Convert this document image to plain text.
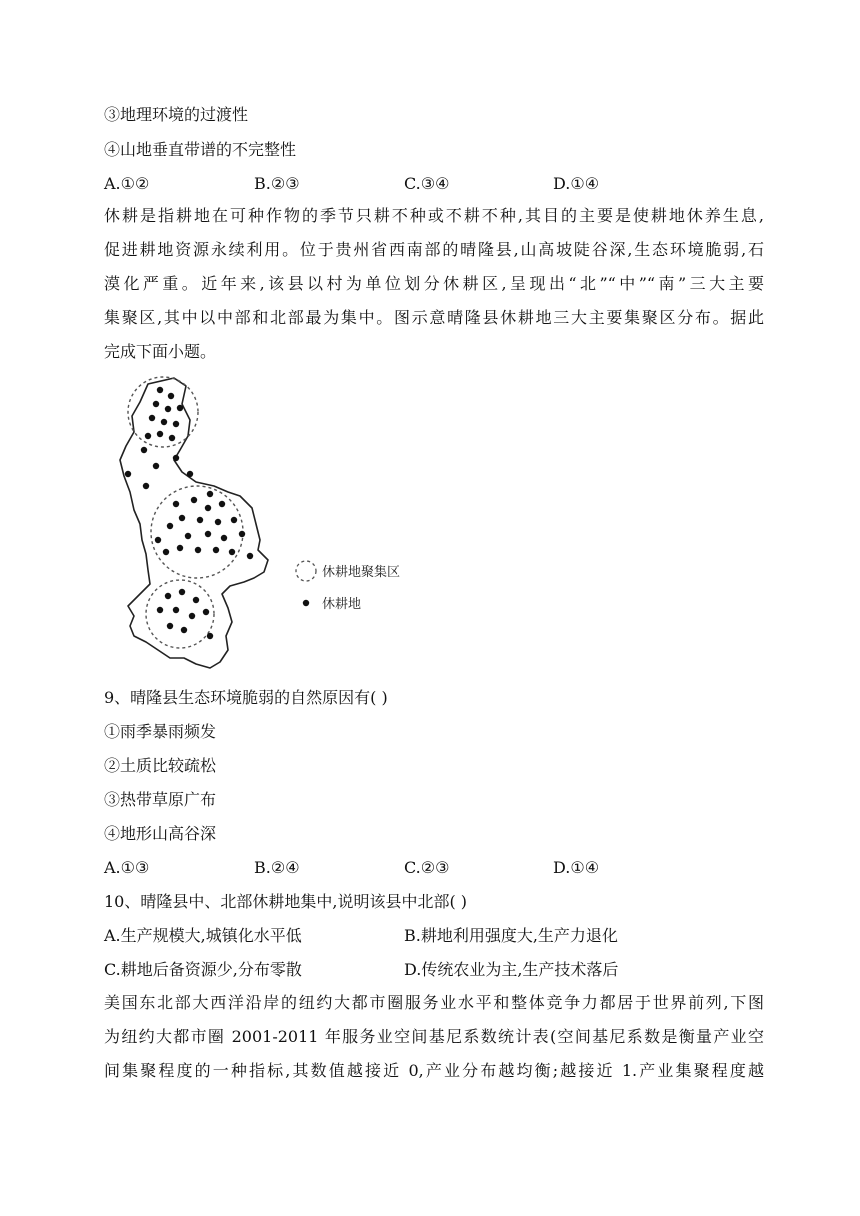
③地理环境的过渡性
④山地垂直带谱的不完整性
A.①②	B.②③	C.③④	D.①④
休耕是指耕地在可种作物的季节只耕不种或不耕不种,其目的主要是使耕地休养生息,
促进耕地资源永续利用。位于贵州省西南部的晴隆县,山高坡陡谷深,生态环境脆弱,石
漠化严重。近年来,该县以村为单位划分休耕区,呈现出“北”“中”“南”三大主要
集聚区,其中以中部和北部最为集中。图示意晴隆县休耕地三大主要集聚区分布。据此
完成下面小题。
休耕地聚集区
休耕地
9、晴隆县生态环境脆弱的自然原因有( )
①雨季暴雨频发
②土质比较疏松
③热带草原广布
④地形山高谷深
A.①③	B.②④	C.②③	D.①④
10、晴隆县中、北部休耕地集中,说明该县中北部( )
A.生产规模大,城镇化水平低	B.耕地利用强度大,生产力退化
C.耕地后备资源少,分布零散	D.传统农业为主,生产技术落后
美国东北部大西洋沿岸的纽约大都市圈服务业水平和整体竞争力都居于世界前列,下图
为纽约大都市圈 2001-2011 年服务业空间基尼系数统计表(空间基尼系数是衡量产业空
间集聚程度的一种指标,其数值越接近 0,产业分布越均衡;越接近 1.产业集聚程度越
